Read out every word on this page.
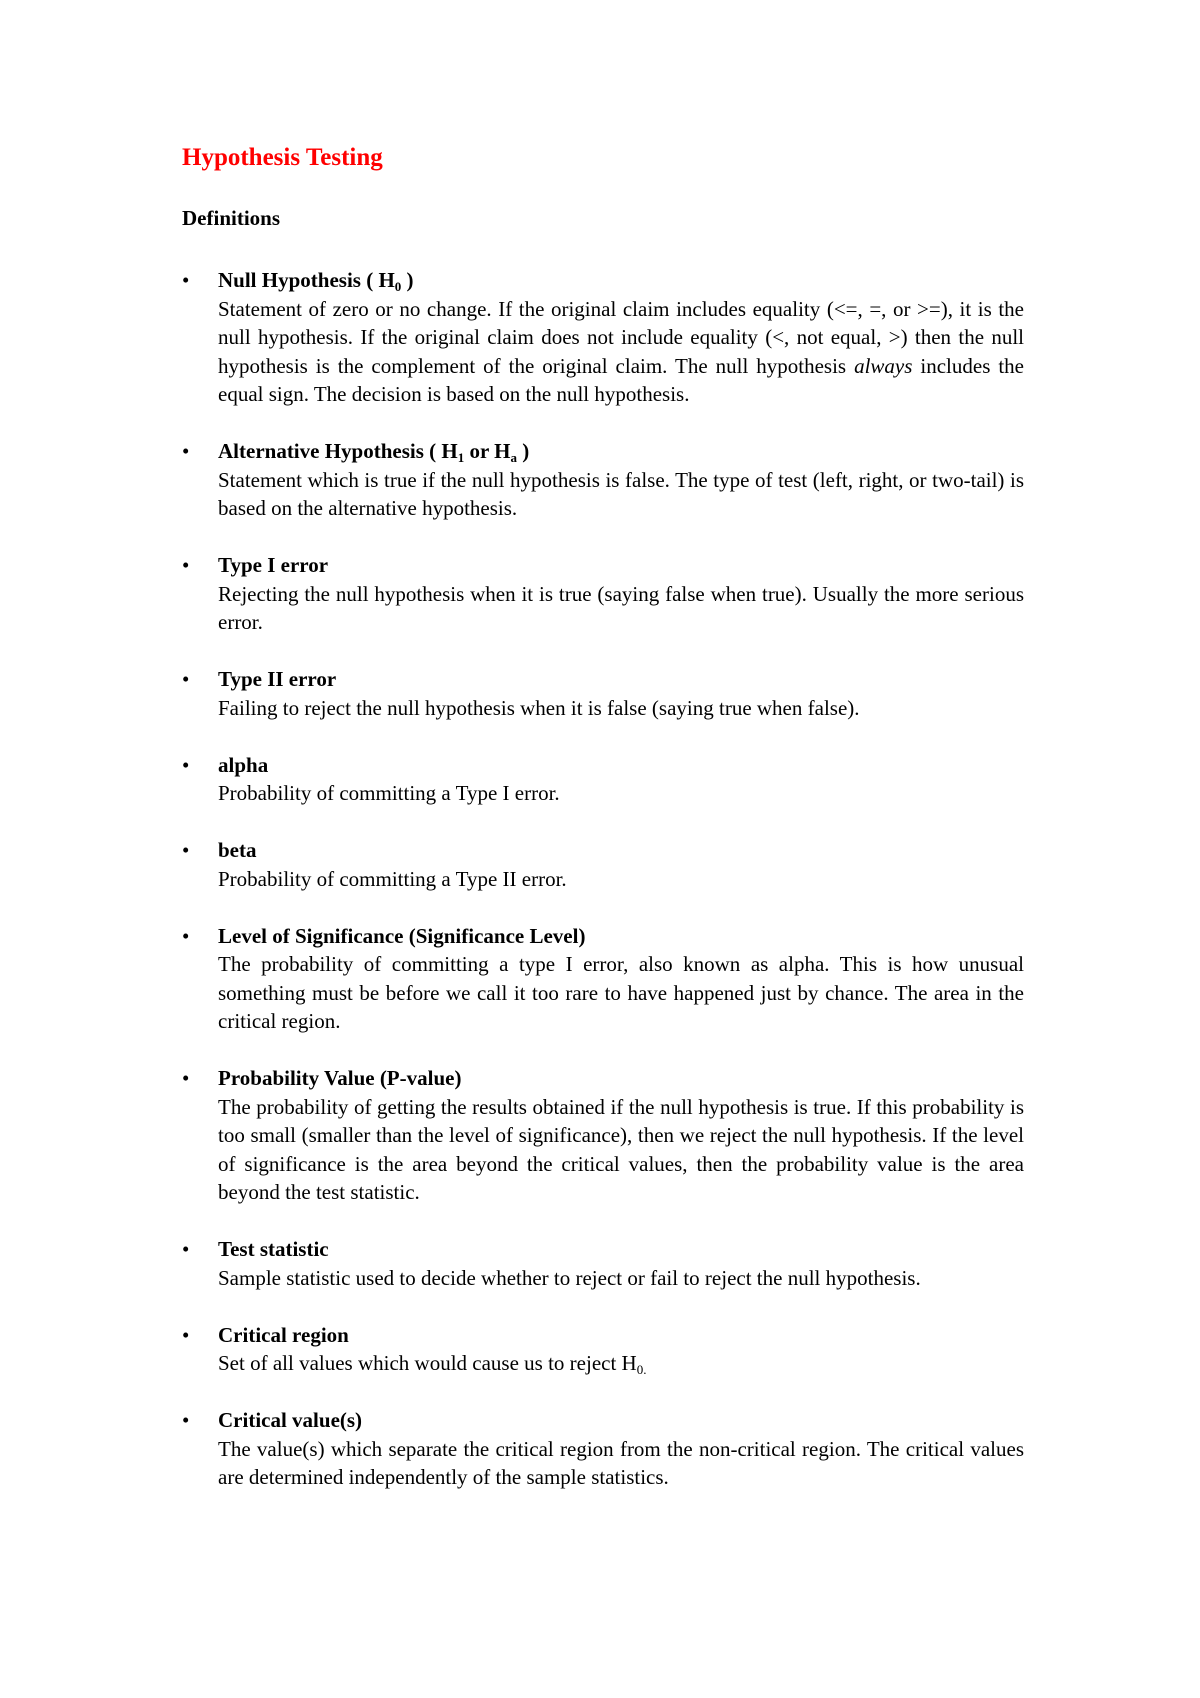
Hypothesis Testing
Definitions
•	Null Hypothesis ( $H_0$ )
Statement of zero or no change. If the original claim includes equality (<=, =, or >=), it is the null hypothesis. If the original claim does not include equality (<, not equal, >) then the null hypothesis is the complement of the original claim. The null hypothesis always includes the equal sign. The decision is based on the null hypothesis.
•	Alternative Hypothesis ( $H_1$ or $H_a$ )
Statement which is true if the null hypothesis is false. The type of test (left, right, or two-tail) is based on the alternative hypothesis.
•	Type I error
Rejecting the null hypothesis when it is true (saying false when true). Usually the more serious error.
•	Type II error
Failing to reject the null hypothesis when it is false (saying true when false).
•	alpha
Probability of committing a Type I error.
•	beta
Probability of committing a Type II error.
•	Level of Significance (Significance Level)
The probability of committing a type I error, also known as alpha. This is how unusual something must be before we call it too rare to have happened just by chance. The area in the critical region.
•	Probability Value (P-value)
The probability of getting the results obtained if the null hypothesis is true. If this probability is too small (smaller than the level of significance), then we reject the null hypothesis. If the level of significance is the area beyond the critical values, then the probability value is the area beyond the test statistic.
•	Test statistic
Sample statistic used to decide whether to reject or fail to reject the null hypothesis.
•	Critical region
Set of all values which would cause us to reject $H_{0.}$
•	Critical value(s)
The value(s) which separate the critical region from the non-critical region. The critical values are determined independently of the sample statistics.
